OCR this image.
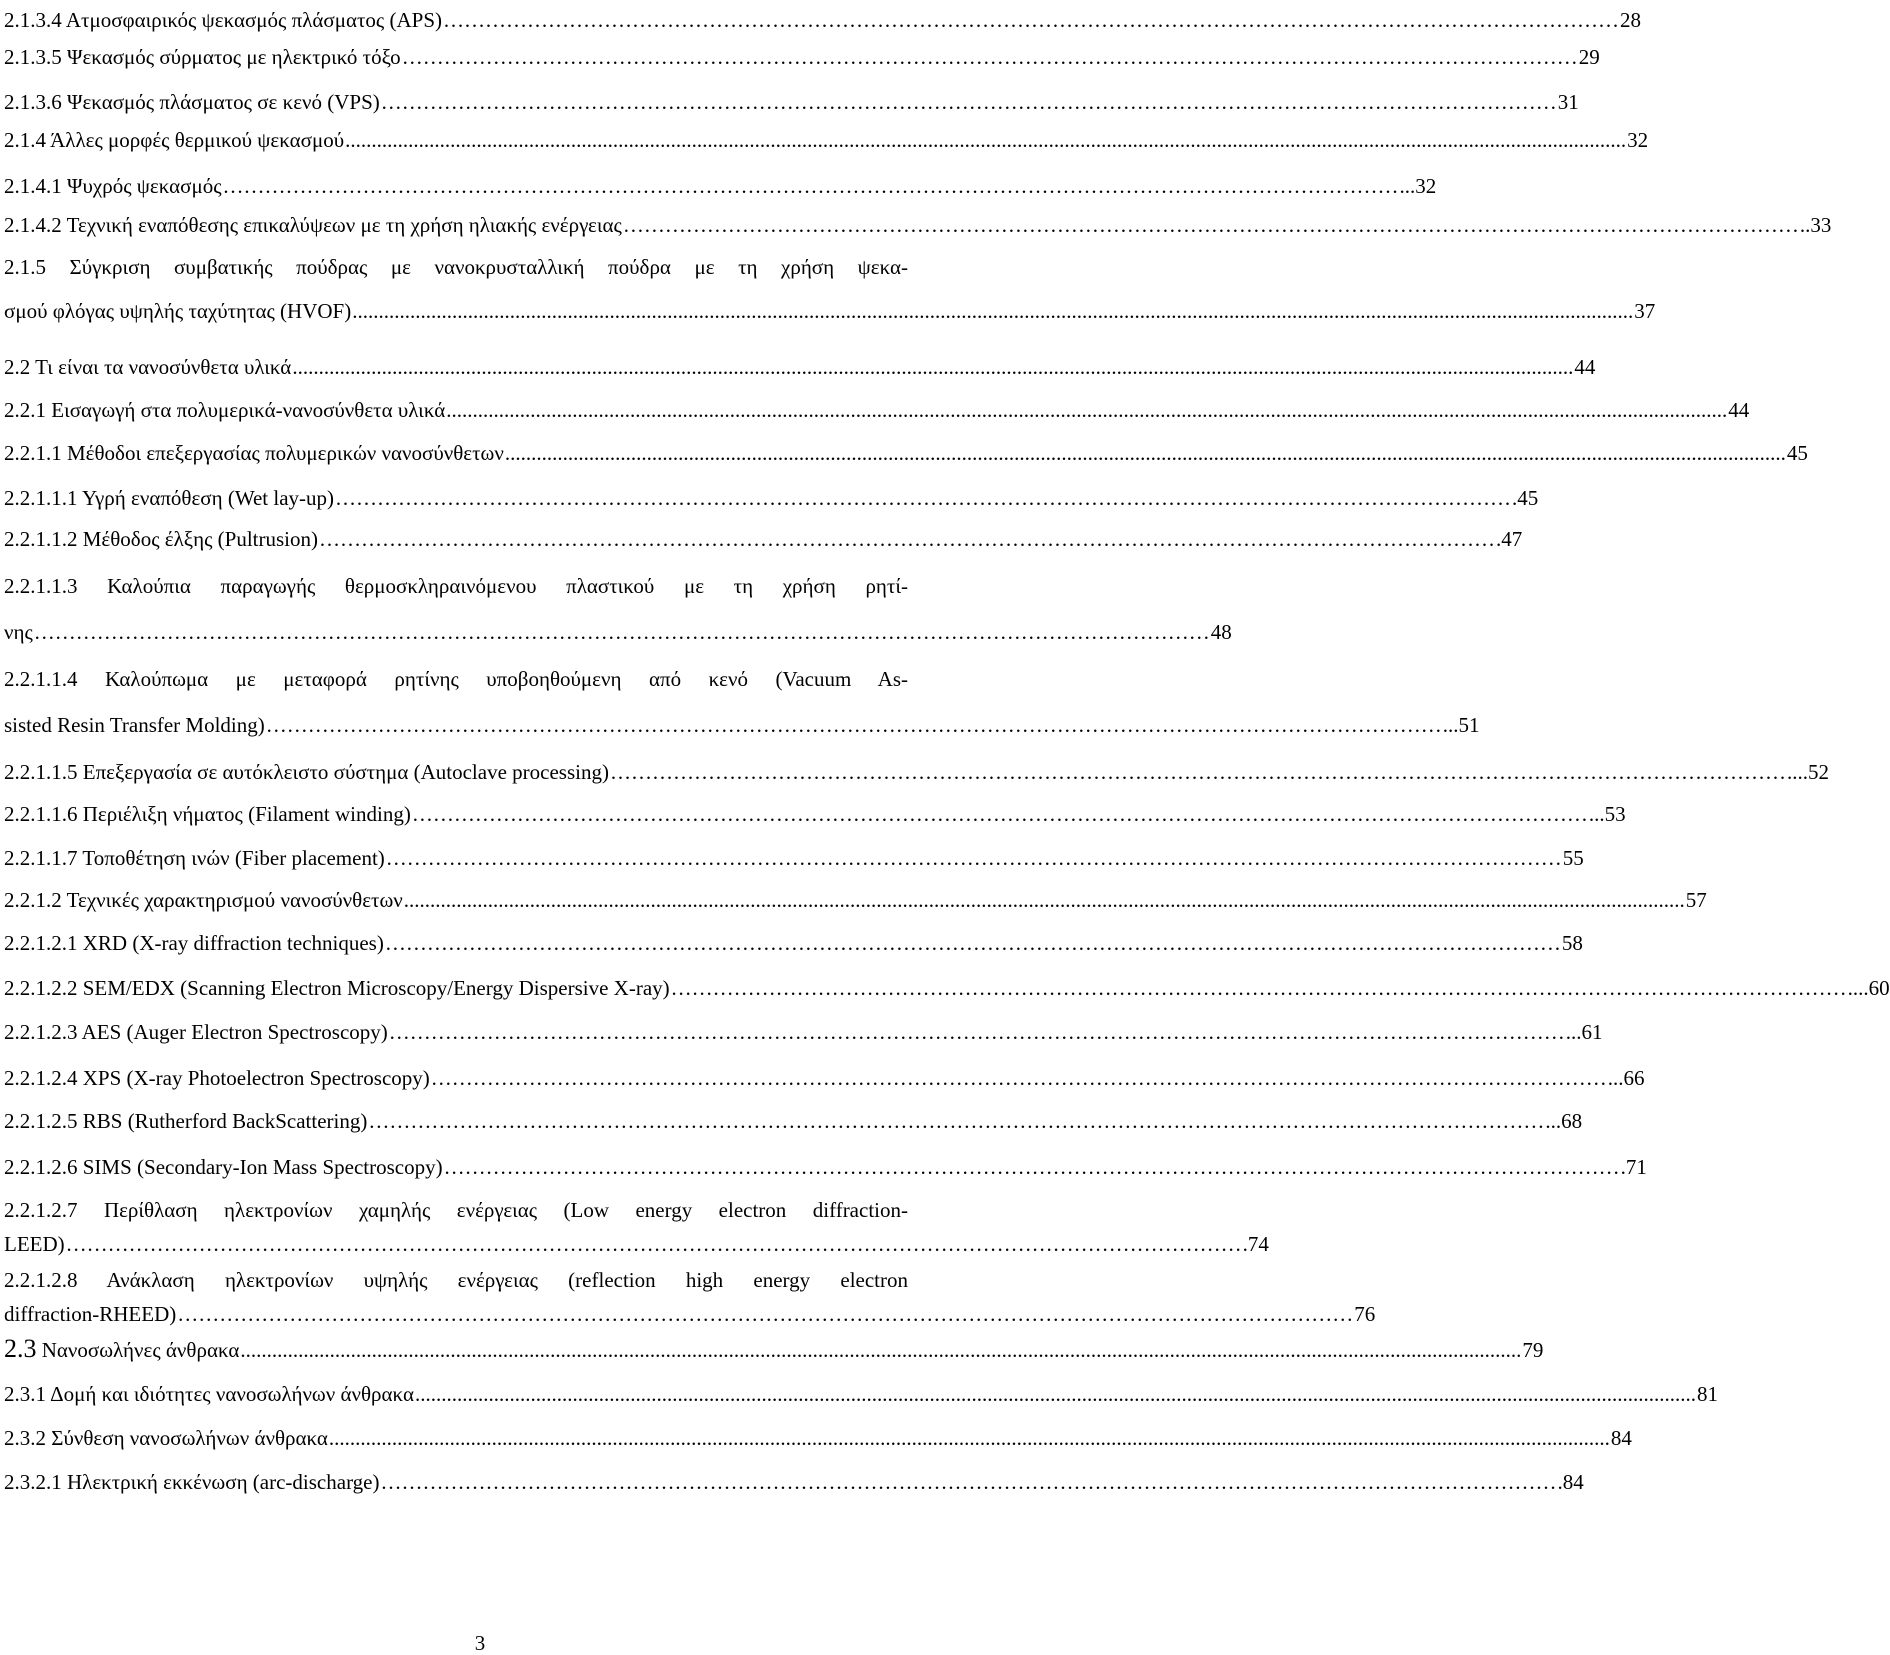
2.1.3.4 Ατμοσφαιρικός ψεκασμός πλάσματος (APS) ……………………………………………………………………………………………………………………………………………………	28
2.1.3.5 Ψεκασμός σύρματος με ηλεκτρικό τόξο ……………………………………………………………………………………………………………………………………………………	29
2.1.3.6 Ψεκασμός πλάσματος σε κενό (VPS) ……………………………………………………………………………………………………………………………………………………	31
2.1.4 Άλλες μορφές θερμικού ψεκασμού .....	32
2.1.4.1 Ψυχρός ψεκασμός ……………………………………………………………………………………………………………………………………………………	...32
2.1.4.2 Τεχνική εναπόθεσης επικαλύψεων με τη χρήση ηλιακής ενέργειας ……………………………………………………………………………………………………………………………………………………	..33
2.1.5 Σύγκριση συμβατικής πούδρας με νανοκρυσταλλική πούδρα με τη χρήση ψεκα-
σμού φλόγας υψηλής ταχύτητας (HVOF) .....	37
2.2 Τι είναι τα νανοσύνθετα υλικά .....	44
2.2.1 Εισαγωγή στα πολυμερικά-νανοσύνθετα υλικά .....	44
2.2.1.1 Μέθοδοι επεξεργασίας πολυμερικών νανοσύνθετων .....	45
2.2.1.1.1 Υγρή εναπόθεση (Wet lay-up) ……………………………………………………………………………………………………………………………………………………	.45
2.2.1.1.2 Μέθοδος έλξης (Pultrusion) ……………………………………………………………………………………………………………………………………………………	.47
2.2.1.1.3 Καλούπια παραγωγής θερμοσκληραινόμενου πλαστικού με τη χρήση ρητί-
νης ……………………………………………………………………………………………………………………………………………………	48
2.2.1.1.4 Καλούπωμα με μεταφορά ρητίνης υποβοηθούμενη από κενό (Vacuum As-
sisted Resin Transfer Molding) ……………………………………………………………………………………………………………………………………………………	...51
2.2.1.1.5 Επεξεργασία σε αυτόκλειστο σύστημα (Autoclave processing) ……………………………………………………………………………………………………………………………………………………	....52
2.2.1.1.6 Περιέλιξη νήματος (Filament winding) ……………………………………………………………………………………………………………………………………………………	...53
2.2.1.1.7 Τοποθέτηση ινών (Fiber placement) ……………………………………………………………………………………………………………………………………………………	55
2.2.1.2 Τεχνικές χαρακτηρισμού νανοσύνθετων .....	57
2.2.1.2.1 XRD (X-ray diffraction techniques) ……………………………………………………………………………………………………………………………………………………	58
2.2.1.2.2 SEM/EDX (Scanning Electron Microscopy/Energy Dispersive X-ray) ……………………………………………………………………………………………………………………………………………………	....60
2.2.1.2.3 AES (Auger Electron Spectroscopy) ……………………………………………………………………………………………………………………………………………………	...61
2.2.1.2.4 XPS (X-ray Photoelectron Spectroscopy) ……………………………………………………………………………………………………………………………………………………	...66
2.2.1.2.5 RBS (Rutherford BackScattering) ……………………………………………………………………………………………………………………………………………………	...68
2.2.1.2.6 SIMS (Secondary-Ion Mass Spectroscopy) ……………………………………………………………………………………………………………………………………………………	.71
2.2.1.2.7 Περίθλαση ηλεκτρονίων χαμηλής ενέργειας (Low energy electron diffraction-
LEED) ……………………………………………………………………………………………………………………………………………………	.74
2.2.1.2.8 Ανάκλαση ηλεκτρονίων υψηλής ενέργειας (reflection high energy electron
diffraction-RHEED) ……………………………………………………………………………………………………………………………………………………	76
2.3 Νανοσωλήνες άνθρακα .....	79
2.3.1 Δομή και ιδιότητες νανοσωλήνων άνθρακα .....	81
2.3.2 Σύνθεση νανοσωλήνων άνθρακα .....	84
2.3.2.1 Ηλεκτρική εκκένωση (arc-discharge) ……………………………………………………………………………………………………………………………………………………	.84
3
